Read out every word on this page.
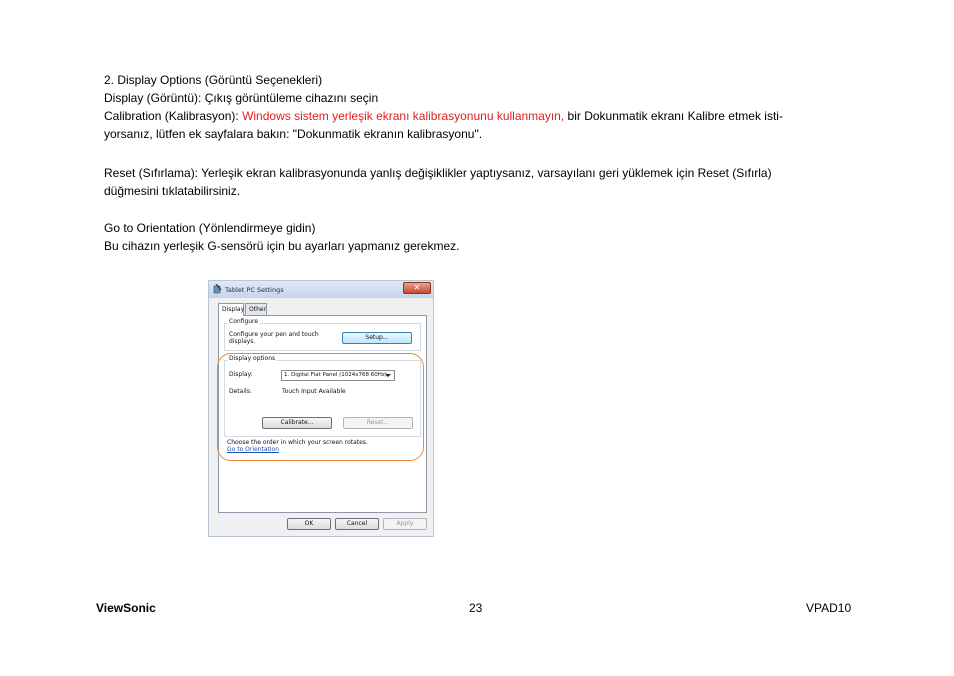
2. Display Options (Görüntü Seçenekleri)
Display (Görüntü): Çıkış görüntüleme cihazını seçin
Calibration (Kalibrasyon): Windows sistem yerleşik ekranı kalibrasyonunu kullanmayın, bir Dokunmatik ekranı Kalibre etmek isti-
yorsanız, lütfen ek sayfalara bakın: "Dokunmatik ekranın kalibrasyonu".
Reset (Sıfırlama): Yerleşik ekran kalibrasyonunda yanlış değişiklikler yaptıysanız, varsayılanı geri yüklemek için Reset (Sıfırla)
düğmesini tıklatabilirsiniz.
Go to Orientation (Yönlendirmeye gidin)
Bu cihazın yerleşik G-sensörü için bu ayarları yapmanız gerekmez.
Tablet PC Settings	✕
Display Other
Configure
Configure your pen and touch
displays.
Setup...
Display options
Display:	1. Digital Flat Panel (1024x768 60Hz)
Details:	Touch Input Available
Calibrate...	Reset...
Choose the order in which your screen rotates.
Go to Orientation
OK	Cancel	Apply
ViewSonic	23	VPAD10
